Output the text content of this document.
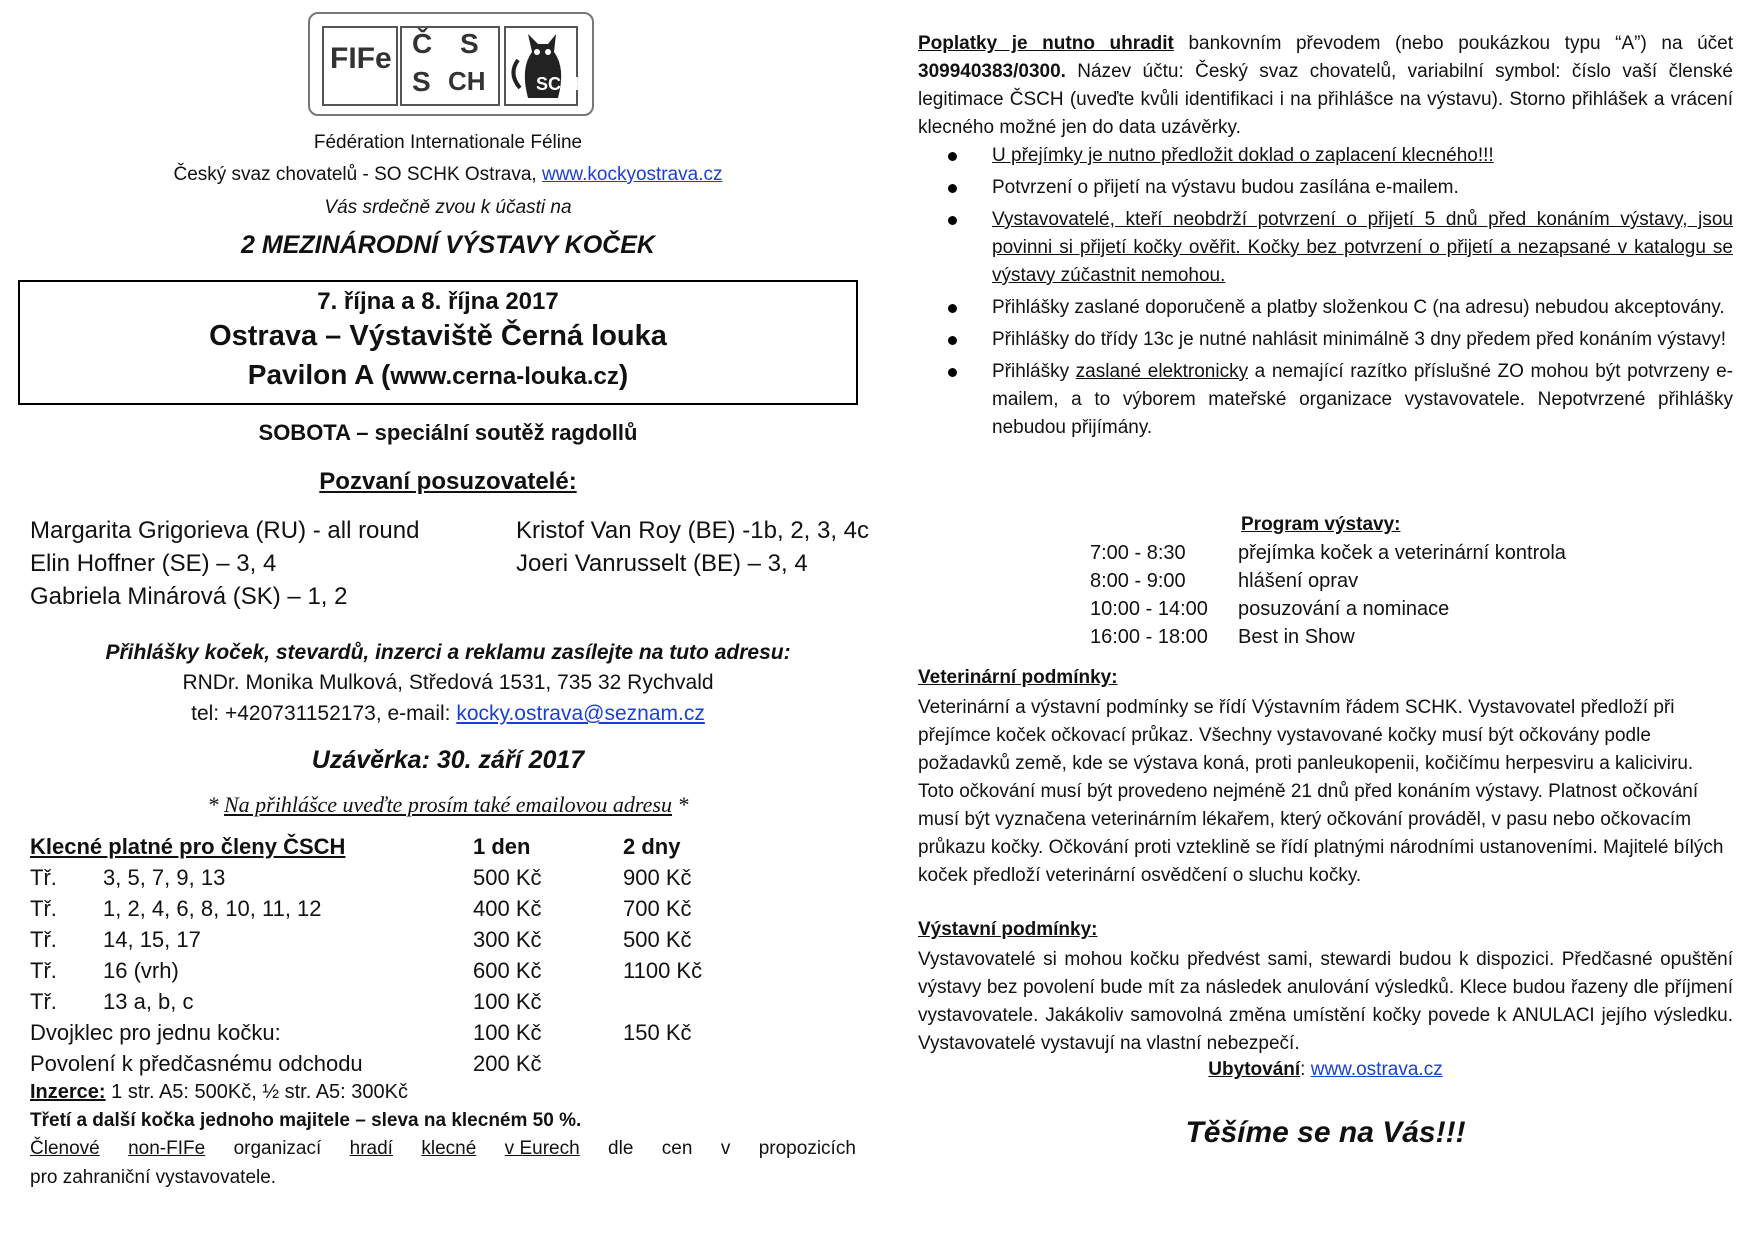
FIFe Č S
S CH	SCHK
Fédération Internationale Féline
Český svaz chovatelů - SO SCHK Ostrava, www.kockyostrava.cz
Vás srdečně zvou k účasti na
2 MEZINÁRODNÍ VÝSTAVY KOČEK
7. října a 8. října 2017
Ostrava – Výstaviště Černá louka
Pavilon A (www.cerna-louka.cz)
SOBOTA – speciální soutěž ragdollů
Pozvaní posuzovatelé:
Margarita Grigorieva (RU) - all round
Elin Hoffner (SE) – 3, 4
Gabriela Minárová (SK) – 1, 2
Kristof Van Roy (BE) -1b, 2, 3, 4c
Joeri Vanrusselt (BE) – 3, 4
Přihlášky koček, stevardů, inzerci a reklamu zasílejte na tuto adresu:
RNDr. Monika Mulková, Středová 1531, 735 32 Rychvald
tel: +420731152173, e-mail: kocky.ostrava@seznam.cz
Uzávěrka: 30. září 2017
* Na přihlášce uveďte prosím také emailovou adresu *
Klecné platné pro členy ČSCH	1 den	2 dny
Tř. 3, 5, 7, 9, 13	500 Kč	900 Kč
Tř. 1, 2, 4, 6, 8, 10, 11, 12	400 Kč	700 Kč
Tř. 14, 15, 17	300 Kč	500 Kč
Tř. 16 (vrh)	600 Kč	1100 Kč
Tř. 13 a, b, c	100 Kč
Dvojklec pro jednu kočku:	100 Kč	150 Kč
Povolení k předčasnému odchodu	200 Kč
Inzerce: 1 str. A5: 500Kč, ½ str. A5: 300Kč
Třetí a další kočka jednoho majitele – sleva na klecném 50 %.
Členové non-FIFe organizací hradí klecné v Eurech dle cen v propozicích
pro zahraniční vystavovatele.

Poplatky je nutno uhradit bankovním převodem (nebo poukázkou typu “A”) na účet 309940383/0300. Název účtu: Český svaz chovatelů, variabilní symbol: číslo vaší členské legitimace ČSCH (uveďte kvůli identifikaci i na přihlášce na výstavu). Storno přihlášek a vrácení klecného možné jen do data uzávěrky.

U přejímky je nutno předložit doklad o zaplacení klecného!!!
Potvrzení o přijetí na výstavu budou zasílána e-mailem.
Vystavovatelé, kteří neobdrží potvrzení o přijetí 5 dnů před konáním výstavy, jsou povinni si přijetí kočky ověřit. Kočky bez potvrzení o přijetí a nezapsané v katalogu se výstavy zúčastnit nemohou.
Přihlášky zaslané doporučeně a platby složenkou C (na adresu) nebudou akceptovány.
Přihlášky do třídy 13c je nutné nahlásit minimálně 3 dny předem před konáním výstavy!
Přihlášky zaslané elektronicky a nemající razítko příslušné ZO mohou být potvrzeny e-mailem, a to výborem mateřské organizace vystavovatele. Nepotvrzené přihlášky nebudou přijímány.
Program výstavy:
7:00 - 8:30	přejímka koček a veterinární kontrola
8:00 - 9:00	hlášení oprav
10:00 - 14:00 posuzování a nominace
16:00 - 18:00 Best in Show
Veterinární podmínky:

Veterinární a výstavní podmínky se řídí Výstavním řádem SCHK. Vystavovatel předloží při přejímce koček očkovací průkaz. Všechny vystavované kočky musí být očkovány podle požadavků země, kde se výstava koná, proti panleukopenii, kočičímu herpesviru a kaliciviru. Toto očkování musí být provedeno nejméně 21 dnů před konáním výstavy. Platnost očkování musí být vyznačena veterinárním lékařem, který očkování prováděl, v pasu nebo očkovacím průkazu kočky. Očkování proti vzteklině se řídí platnými národními ustanoveními. Majitelé bílých koček předloží veterinární osvědčení o sluchu kočky.

Výstavní podmínky:

Vystavovatelé si mohou kočku předvést sami, stewardi budou k dispozici. Předčasné opuštění výstavy bez povolení bude mít za následek anulování výsledků. Klece budou řazeny dle příjmení vystavovatele. Jakákoliv samovolná změna umístění kočky povede k ANULACI jejího výsledku. Vystavovatelé vystavují na vlastní nebezpečí.

Ubytování: www.ostrava.cz
Těšíme se na Vás!!!
